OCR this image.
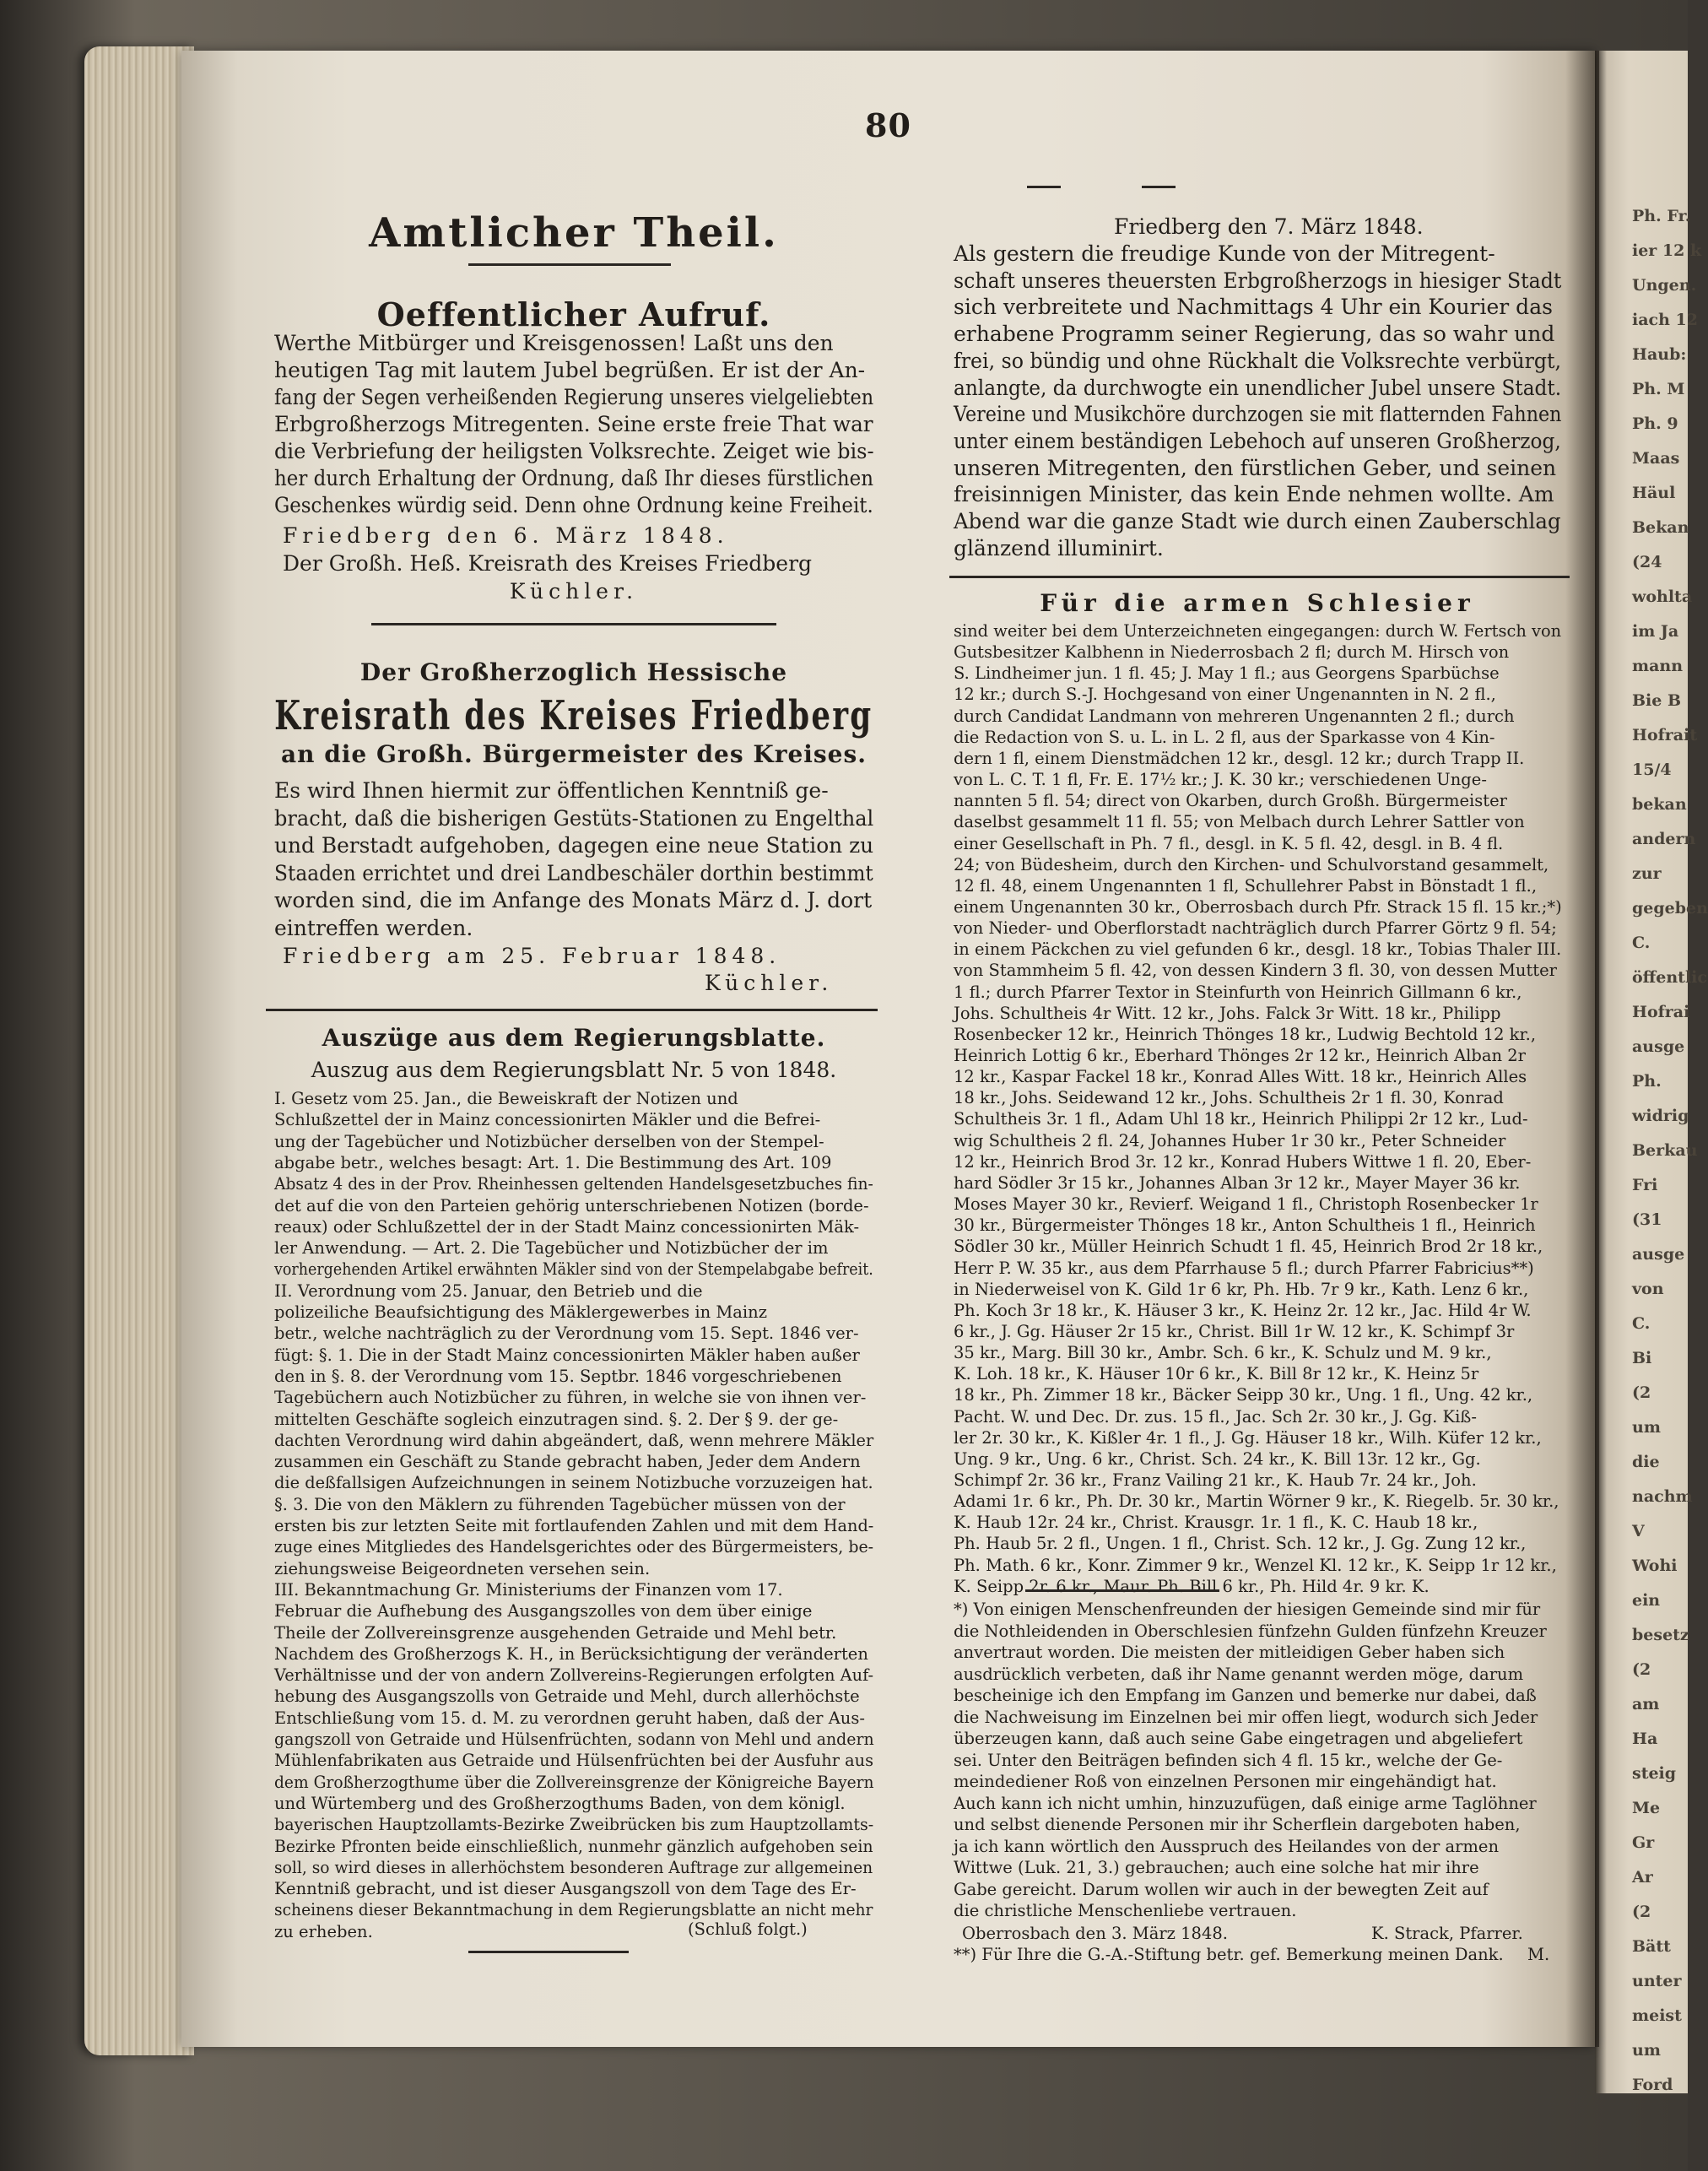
Ph. Fr.
ier 12 k
Ungen.
iach 12
Haub:
Ph. M
Ph. 9
Maas
Häul
Bekan
(24
wohlta
im Ja
mann
Bie B
Hofrait
15/4
bekan
andern
zur
gegeben
C.
öffentlic
Hofrai
ausge
Ph.
widrig
Berkau
Fri
(31
ausge
von
C.
Bi
(2
um
die
nachm
V
Wohi
ein
besetz
(2
am
Ha
steig
Me
Gr
Ar
(2
Bätt
unter
meist
um
Ford
80
Amtlicher Theil.
Oeffentlicher Aufruf.
Werthe Mitbürger und Kreisgenossen! Laßt uns den
heutigen Tag mit lautem Jubel begrüßen. Er ist der An-
fang der Segen verheißenden Regierung unseres vielgeliebten
Erbgroßherzogs Mitregenten. Seine erste freie That war
die Verbriefung der heiligsten Volksrechte. Zeiget wie bis-
her durch Erhaltung der Ordnung, daß Ihr dieses fürstlichen
Geschenkes würdig seid. Denn ohne Ordnung keine Freiheit.
Friedberg den 6. März 1848.
Der Großh. Heß. Kreisrath des Kreises Friedberg
Küchler.
Der Großherzoglich Hessische
Kreisrath des Kreises Friedberg
an die Großh. Bürgermeister des Kreises.
Es wird Ihnen hiermit zur öffentlichen Kenntniß ge-
bracht, daß die bisherigen Gestüts-Stationen zu Engelthal
und Berstadt aufgehoben, dagegen eine neue Station zu
Staaden errichtet und drei Landbeschäler dorthin bestimmt
worden sind, die im Anfange des Monats März d. J. dort
eintreffen werden.
Friedberg am 25. Februar 1848.
Küchler.
Auszüge aus dem Regierungsblatte.
Auszug aus dem Regierungsblatt Nr. 5 von 1848.
I. Gesetz vom 25. Jan., die Beweiskraft der Notizen und
Schlußzettel der in Mainz concessionirten Mäkler und die Befrei-
ung der Tagebücher und Notizbücher derselben von der Stempel-
abgabe betr., welches besagt: Art. 1. Die Bestimmung des Art. 109
Absatz 4 des in der Prov. Rheinhessen geltenden Handelsgesetzbuches fin-
det auf die von den Parteien gehörig unterschriebenen Notizen (borde-
reaux) oder Schlußzettel der in der Stadt Mainz concessionirten Mäk-
ler Anwendung. — Art. 2. Die Tagebücher und Notizbücher der im
vorhergehenden Artikel erwähnten Mäkler sind von der Stempelabgabe befreit.
II. Verordnung vom 25. Januar, den Betrieb und die
polizeiliche Beaufsichtigung des Mäklergewerbes in Mainz
betr., welche nachträglich zu der Verordnung vom 15. Sept. 1846 ver-
fügt: §. 1. Die in der Stadt Mainz concessionirten Mäkler haben außer
den in §. 8. der Verordnung vom 15. Septbr. 1846 vorgeschriebenen
Tagebüchern auch Notizbücher zu führen, in welche sie von ihnen ver-
mittelten Geschäfte sogleich einzutragen sind. §. 2. Der § 9. der ge-
dachten Verordnung wird dahin abgeändert, daß, wenn mehrere Mäkler
zusammen ein Geschäft zu Stande gebracht haben, Jeder dem Andern
die deßfallsigen Aufzeichnungen in seinem Notizbuche vorzuzeigen hat.
§. 3. Die von den Mäklern zu führenden Tagebücher müssen von der
ersten bis zur letzten Seite mit fortlaufenden Zahlen und mit dem Hand-
zuge eines Mitgliedes des Handelsgerichtes oder des Bürgermeisters, be-
ziehungsweise Beigeordneten versehen sein.
III. Bekanntmachung Gr. Ministeriums der Finanzen vom 17.
Februar die Aufhebung des Ausgangszolles von dem über einige
Theile der Zollvereinsgrenze ausgehenden Getraide und Mehl betr.
Nachdem des Großherzogs K. H., in Berücksichtigung der veränderten
Verhältnisse und der von andern Zollvereins-Regierungen erfolgten Auf-
hebung des Ausgangszolls von Getraide und Mehl, durch allerhöchste
Entschließung vom 15. d. M. zu verordnen geruht haben, daß der Aus-
gangszoll von Getraide und Hülsenfrüchten, sodann von Mehl und andern
Mühlenfabrikaten aus Getraide und Hülsenfrüchten bei der Ausfuhr aus
dem Großherzogthume über die Zollvereinsgrenze der Königreiche Bayern
und Würtemberg und des Großherzogthums Baden, von dem königl.
bayerischen Hauptzollamts-Bezirke Zweibrücken bis zum Hauptzollamts-
Bezirke Pfronten beide einschließlich, nunmehr gänzlich aufgehoben sein
soll, so wird dieses in allerhöchstem besonderen Auftrage zur allgemeinen
Kenntniß gebracht, und ist dieser Ausgangszoll von dem Tage des Er-
scheinens dieser Bekanntmachung in dem Regierungsblatte an nicht mehr
zu erheben.	(Schluß folgt.)
Friedberg den 7. März 1848.
Als gestern die freudige Kunde von der Mitregent-
schaft unseres theuersten Erbgroßherzogs in hiesiger Stadt
sich verbreitete und Nachmittags 4 Uhr ein Kourier das
erhabene Programm seiner Regierung, das so wahr und
frei, so bündig und ohne Rückhalt die Volksrechte verbürgt,
anlangte, da durchwogte ein unendlicher Jubel unsere Stadt.
Vereine und Musikchöre durchzogen sie mit flatternden Fahnen
unter einem beständigen Lebehoch auf unseren Großherzog,
unseren Mitregenten, den fürstlichen Geber, und seinen
freisinnigen Minister, das kein Ende nehmen wollte. Am
Abend war die ganze Stadt wie durch einen Zauberschlag
glänzend illuminirt.
Für die armen Schlesier
sind weiter bei dem Unterzeichneten eingegangen: durch W. Fertsch von
Gutsbesitzer Kalbhenn in Niederrosbach 2 fl; durch M. Hirsch von
S. Lindheimer jun. 1 fl. 45; J. May 1 fl.; aus Georgens Sparbüchse
12 kr.; durch S.-J. Hochgesand von einer Ungenannten in N. 2 fl.,
durch Candidat Landmann von mehreren Ungenannten 2 fl.; durch
die Redaction von S. u. L. in L. 2 fl, aus der Sparkasse von 4 Kin-
dern 1 fl, einem Dienstmädchen 12 kr., desgl. 12 kr.; durch Trapp II.
von L. C. T. 1 fl, Fr. E. 17½ kr.; J. K. 30 kr.; verschiedenen Unge-
nannten 5 fl. 54; direct von Okarben, durch Großh. Bürgermeister
daselbst gesammelt 11 fl. 55; von Melbach durch Lehrer Sattler von
einer Gesellschaft in Ph. 7 fl., desgl. in K. 5 fl. 42, desgl. in B. 4 fl.
24; von Büdesheim, durch den Kirchen- und Schulvorstand gesammelt,
12 fl. 48, einem Ungenannten 1 fl, Schullehrer Pabst in Bönstadt 1 fl.,
einem Ungenannten 30 kr., Oberrosbach durch Pfr. Strack 15 fl. 15 kr.;*)
von Nieder- und Oberflorstadt nachträglich durch Pfarrer Görtz 9 fl. 54;
in einem Päckchen zu viel gefunden 6 kr., desgl. 18 kr., Tobias Thaler III.
von Stammheim 5 fl. 42, von dessen Kindern 3 fl. 30, von dessen Mutter
1 fl.; durch Pfarrer Textor in Steinfurth von Heinrich Gillmann 6 kr.,
Johs. Schultheis 4r Witt. 12 kr., Johs. Falck 3r Witt. 18 kr., Philipp
Rosenbecker 12 kr., Heinrich Thönges 18 kr., Ludwig Bechtold 12 kr.,
Heinrich Lottig 6 kr., Eberhard Thönges 2r 12 kr., Heinrich Alban 2r
12 kr., Kaspar Fackel 18 kr., Konrad Alles Witt. 18 kr., Heinrich Alles
18 kr., Johs. Seidewand 12 kr., Johs. Schultheis 2r 1 fl. 30, Konrad
Schultheis 3r. 1 fl., Adam Uhl 18 kr., Heinrich Philippi 2r 12 kr., Lud-
wig Schultheis 2 fl. 24, Johannes Huber 1r 30 kr., Peter Schneider
12 kr., Heinrich Brod 3r. 12 kr., Konrad Hubers Wittwe 1 fl. 20, Eber-
hard Södler 3r 15 kr., Johannes Alban 3r 12 kr., Mayer Mayer 36 kr.
Moses Mayer 30 kr., Revierf. Weigand 1 fl., Christoph Rosenbecker 1r
30 kr., Bürgermeister Thönges 18 kr., Anton Schultheis 1 fl., Heinrich
Södler 30 kr., Müller Heinrich Schudt 1 fl. 45, Heinrich Brod 2r 18 kr.,
Herr P. W. 35 kr., aus dem Pfarrhause 5 fl.; durch Pfarrer Fabricius**)
in Niederweisel von K. Gild 1r 6 kr, Ph. Hb. 7r 9 kr., Kath. Lenz 6 kr.,
Ph. Koch 3r 18 kr., K. Häuser 3 kr., K. Heinz 2r. 12 kr., Jac. Hild 4r W.
6 kr., J. Gg. Häuser 2r 15 kr., Christ. Bill 1r W. 12 kr., K. Schimpf 3r
35 kr., Marg. Bill 30 kr., Ambr. Sch. 6 kr., K. Schulz und M. 9 kr.,
K. Loh. 18 kr., K. Häuser 10r 6 kr., K. Bill 8r 12 kr., K. Heinz 5r
18 kr., Ph. Zimmer 18 kr., Bäcker Seipp 30 kr., Ung. 1 fl., Ung. 42 kr.,
Pacht. W. und Dec. Dr. zus. 15 fl., Jac. Sch 2r. 30 kr., J. Gg. Kiß-
ler 2r. 30 kr., K. Kißler 4r. 1 fl., J. Gg. Häuser 18 kr., Wilh. Küfer 12 kr.,
Ung. 9 kr., Ung. 6 kr., Christ. Sch. 24 kr., K. Bill 13r. 12 kr., Gg.
Schimpf 2r. 36 kr., Franz Vailing 21 kr., K. Haub 7r. 24 kr., Joh.
Adami 1r. 6 kr., Ph. Dr. 30 kr., Martin Wörner 9 kr., K. Riegelb. 5r. 30 kr.,
K. Haub 12r. 24 kr., Christ. Krausgr. 1r. 1 fl., K. C. Haub 18 kr.,
Ph. Haub 5r. 2 fl., Ungen. 1 fl., Christ. Sch. 12 kr., J. Gg. Zung 12 kr.,
Ph. Math. 6 kr., Konr. Zimmer 9 kr., Wenzel Kl. 12 kr., K. Seipp 1r 12 kr.,
K. Seipp 2r. 6 kr., Maur. Ph. Bill 6 kr., Ph. Hild 4r. 9 kr. K.
*) Von einigen Menschenfreunden der hiesigen Gemeinde sind mir für
die Nothleidenden in Oberschlesien fünfzehn Gulden fünfzehn Kreuzer
anvertraut worden. Die meisten der mitleidigen Geber haben sich
ausdrücklich verbeten, daß ihr Name genannt werden möge, darum
bescheinige ich den Empfang im Ganzen und bemerke nur dabei, daß
die Nachweisung im Einzelnen bei mir offen liegt, wodurch sich Jeder
überzeugen kann, daß auch seine Gabe eingetragen und abgeliefert
sei. Unter den Beiträgen befinden sich 4 fl. 15 kr., welche der Ge-
meindediener Roß von einzelnen Personen mir eingehändigt hat.
Auch kann ich nicht umhin, hinzuzufügen, daß einige arme Taglöhner
und selbst dienende Personen mir ihr Scherflein dargeboten haben,
ja ich kann wörtlich den Ausspruch des Heilandes von der armen
Wittwe (Luk. 21, 3.) gebrauchen; auch eine solche hat mir ihre
Gabe gereicht. Darum wollen wir auch in der bewegten Zeit auf
die christliche Menschenliebe vertrauen.
Oberrosbach den 3. März 1848.	K. Strack, Pfarrer.
**) Für Ihre die G.-A.-Stiftung betr. gef. Bemerkung meinen Dank. M.
